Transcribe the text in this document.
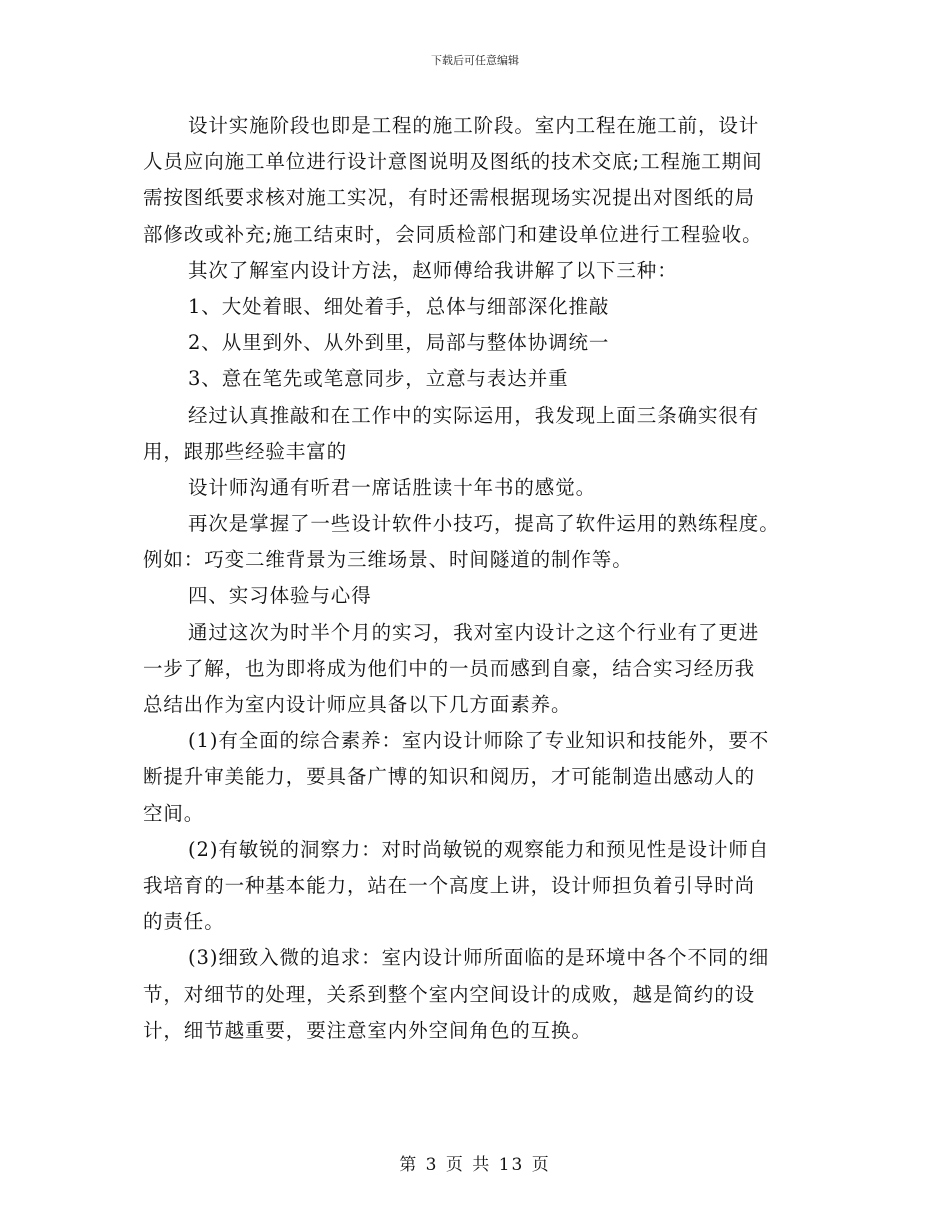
下载后可任意编辑
设计实施阶段也即是工程的施工阶段。室内工程在施工前，设计
人员应向施工单位进行设计意图说明及图纸的技术交底;工程施工期间
需按图纸要求核对施工实况，有时还需根据现场实况提出对图纸的局
部修改或补充;施工结束时，会同质检部门和建设单位进行工程验收。
其次了解室内设计方法，赵师傅给我讲解了以下三种：
1、大处着眼、细处着手，总体与细部深化推敲
2、从里到外、从外到里，局部与整体协调统一
3、意在笔先或笔意同步，立意与表达并重
经过认真推敲和在工作中的实际运用，我发现上面三条确实很有
用，跟那些经验丰富的
设计师沟通有听君一席话胜读十年书的感觉。
再次是掌握了一些设计软件小技巧，提高了软件运用的熟练程度。
例如：巧变二维背景为三维场景、时间隧道的制作等。
四、实习体验与心得
通过这次为时半个月的实习，我对室内设计之这个行业有了更进
一步了解，也为即将成为他们中的一员而感到自豪，结合实习经历我
总结出作为室内设计师应具备以下几方面素养。
(1)有全面的综合素养：室内设计师除了专业知识和技能外，要不
断提升审美能力，要具备广博的知识和阅历，才可能制造出感动人的
空间。
(2)有敏锐的洞察力：对时尚敏锐的观察能力和预见性是设计师自
我培育的一种基本能力，站在一个高度上讲，设计师担负着引导时尚
的责任。
(3)细致入微的追求：室内设计师所面临的是环境中各个不同的细
节，对细节的处理，关系到整个室内空间设计的成败，越是简约的设
计，细节越重要，要注意室内外空间角色的互换。
第 3 页 共 13 页
